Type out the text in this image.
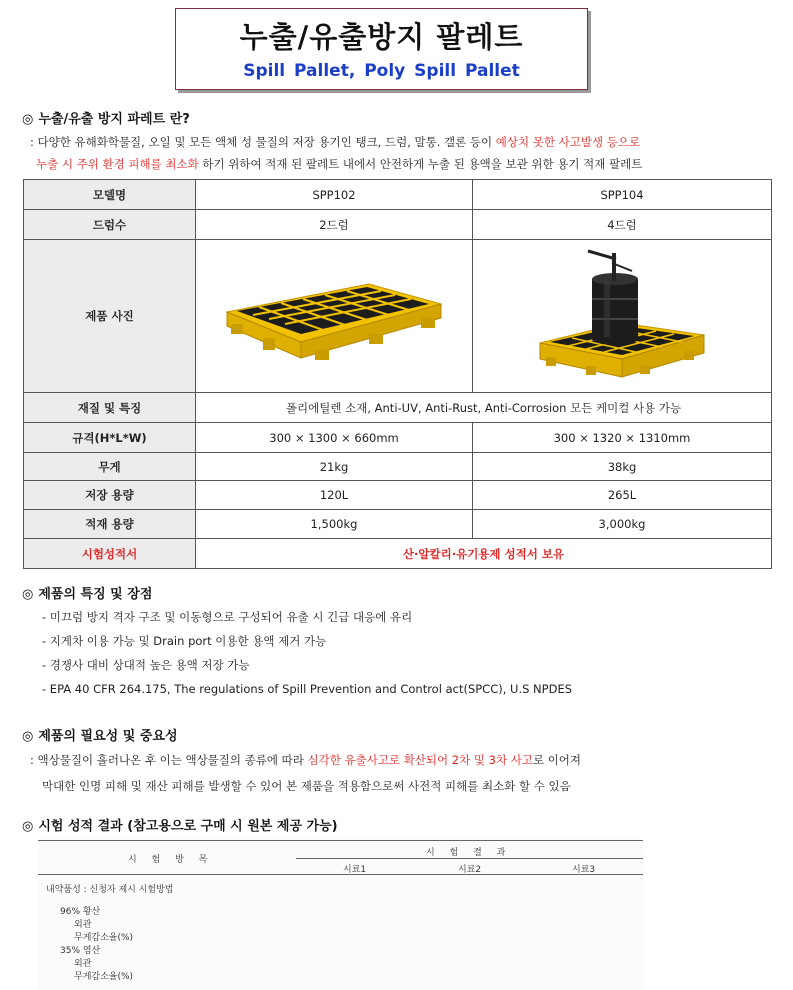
누출/유출방지 팔레트
Spill Pallet, Poly Spill Pallet
◎ 누출/유출 방지 파레트 란?
: 다양한 유해화학물질, 오일 및 모든 액체 성 물질의 저장 용기인 탱크, 드럼, 말통. 갤론 등이 예상치 못한 사고발생 등으로
누출 시 주위 환경 피해를 최소화 하기 위하여 적재 된 팔레트 내에서 안전하게 누출 된 용액을 보관 위한 용기 적재 팔레트
모델명	SPP102	SPP104
드럼수	2드럼	4드럼
제품 사진		
재질 및 특징	폴리에틸렌 소재, Anti-UV, Anti-Rust, Anti-Corrosion 모든 케미컬 사용 가능	
규격(H*L*W)	300 × 1300 × 660mm	300 × 1320 × 1310mm
무게	21kg	38kg
저장 용량	120L	265L
적재 용량	1,500kg	3,000kg
시험성적서	산·알칼리·유기용제 성적서 보유	
◎ 제품의 특징 및 장점
- 미끄럼 방지 격자 구조 및 이동형으로 구성되어 유출 시 긴급 대응에 유리
- 지게차 이용 가능 및 Drain port 이용한 용액 제거 가능
- 경쟁사 대비 상대적 높은 용액 저장 가능
- EPA 40 CFR 264.175, The regulations of Spill Prevention and Control act(SPCC), U.S NPDES
◎ 제품의 필요성 및 중요성
: 액상물질이 흘러나온 후 이는 액상물질의 종류에 따라 심각한 유출사고로 확산되어 2차 및 3차 사고로 이어져
막대한 인명 피해 및 재산 피해를 발생할 수 있어 본 제품을 적용함으로써 사전적 피해를 최소화 할 수 있음
◎ 시험 성적 결과 (참고용으로 구매 시 원본 제공 가능)
시 험 방 목
시 험 결 과
시료1	시료2	시료3
내약품성 : 신청자 제시 시험방법
96% 황산
외관
무게감소율(%)
35% 염산
외관
무게감소율(%)
